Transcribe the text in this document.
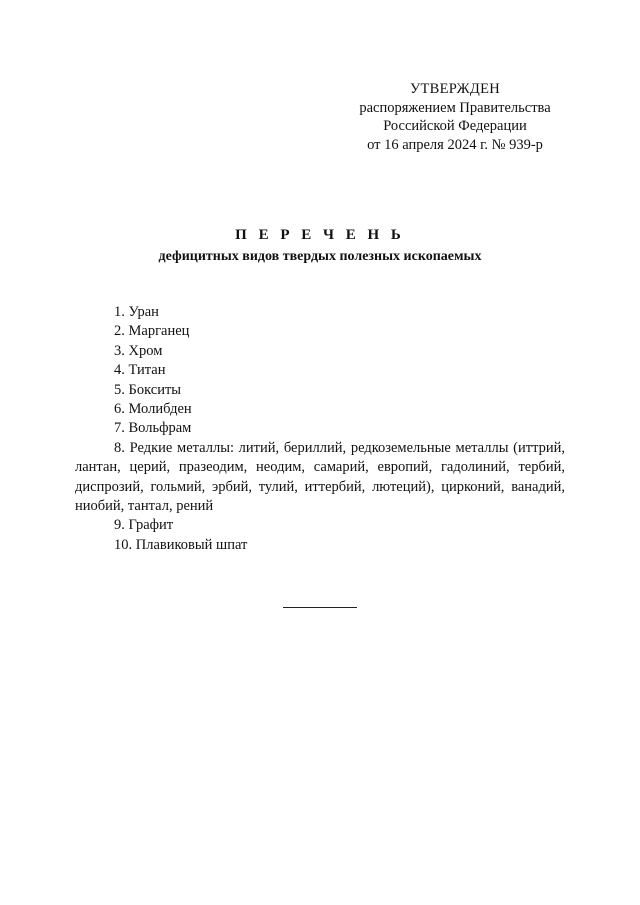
УТВЕРЖДЕН
распоряжением Правительства
Российской Федерации
от 16 апреля 2024 г. № 939-р
П Е Р Е Ч Е Н Ь
дефицитных видов твердых полезных ископаемых

1. Уран

2. Марганец

3. Хром

4. Титан

5. Бокситы

6. Молибден

7. Вольфрам

8. Редкие металлы: литий, бериллий, редкоземельные металлы (иттрий, лантан, церий, празеодим, неодим, самарий, европий, гадолиний, тербий, диспрозий, гольмий, эрбий, тулий, иттербий, лютеций), цирконий, ванадий, ниобий, тантал, рений

9. Графит

10. Плавиковый шпат
